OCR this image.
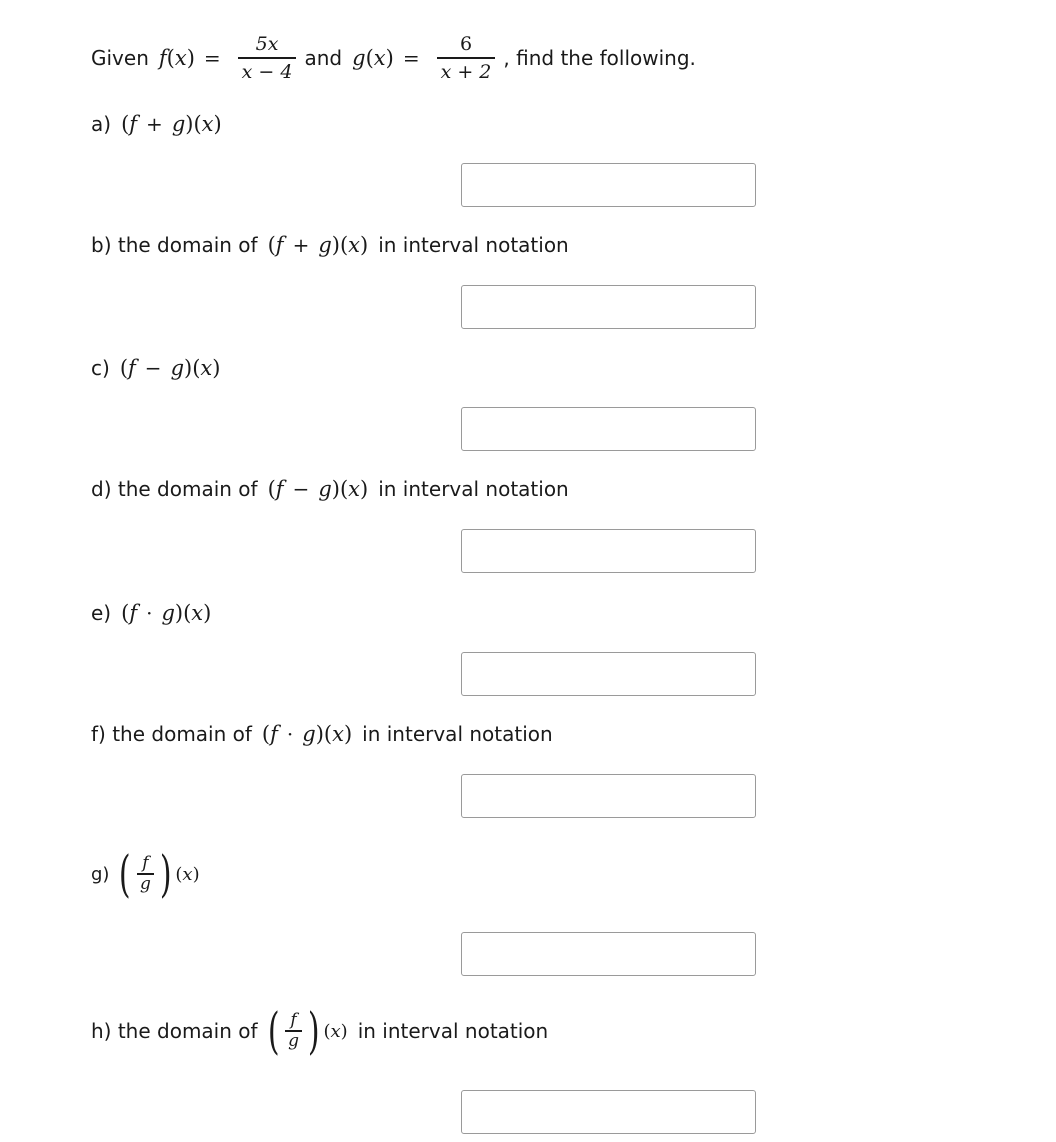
Given f ( x ) = $\frac{5x}{x - 4}$ and g ( x ) = $\frac{6}{x + 2}$ , find the following.
a) ( f + g )( x )
b) the domain of ( f + g )( x ) in interval notation
c) ( f − g )( x )
d) the domain of ( f − g )( x ) in interval notation
e) ( f · g )( x )
f) the domain of ( f · g )( x ) in interval notation
g) ( $\frac{f}{g}$ ) ( x )
h) the domain of ( $\frac{f}{g}$ ) ( x ) in interval notation
